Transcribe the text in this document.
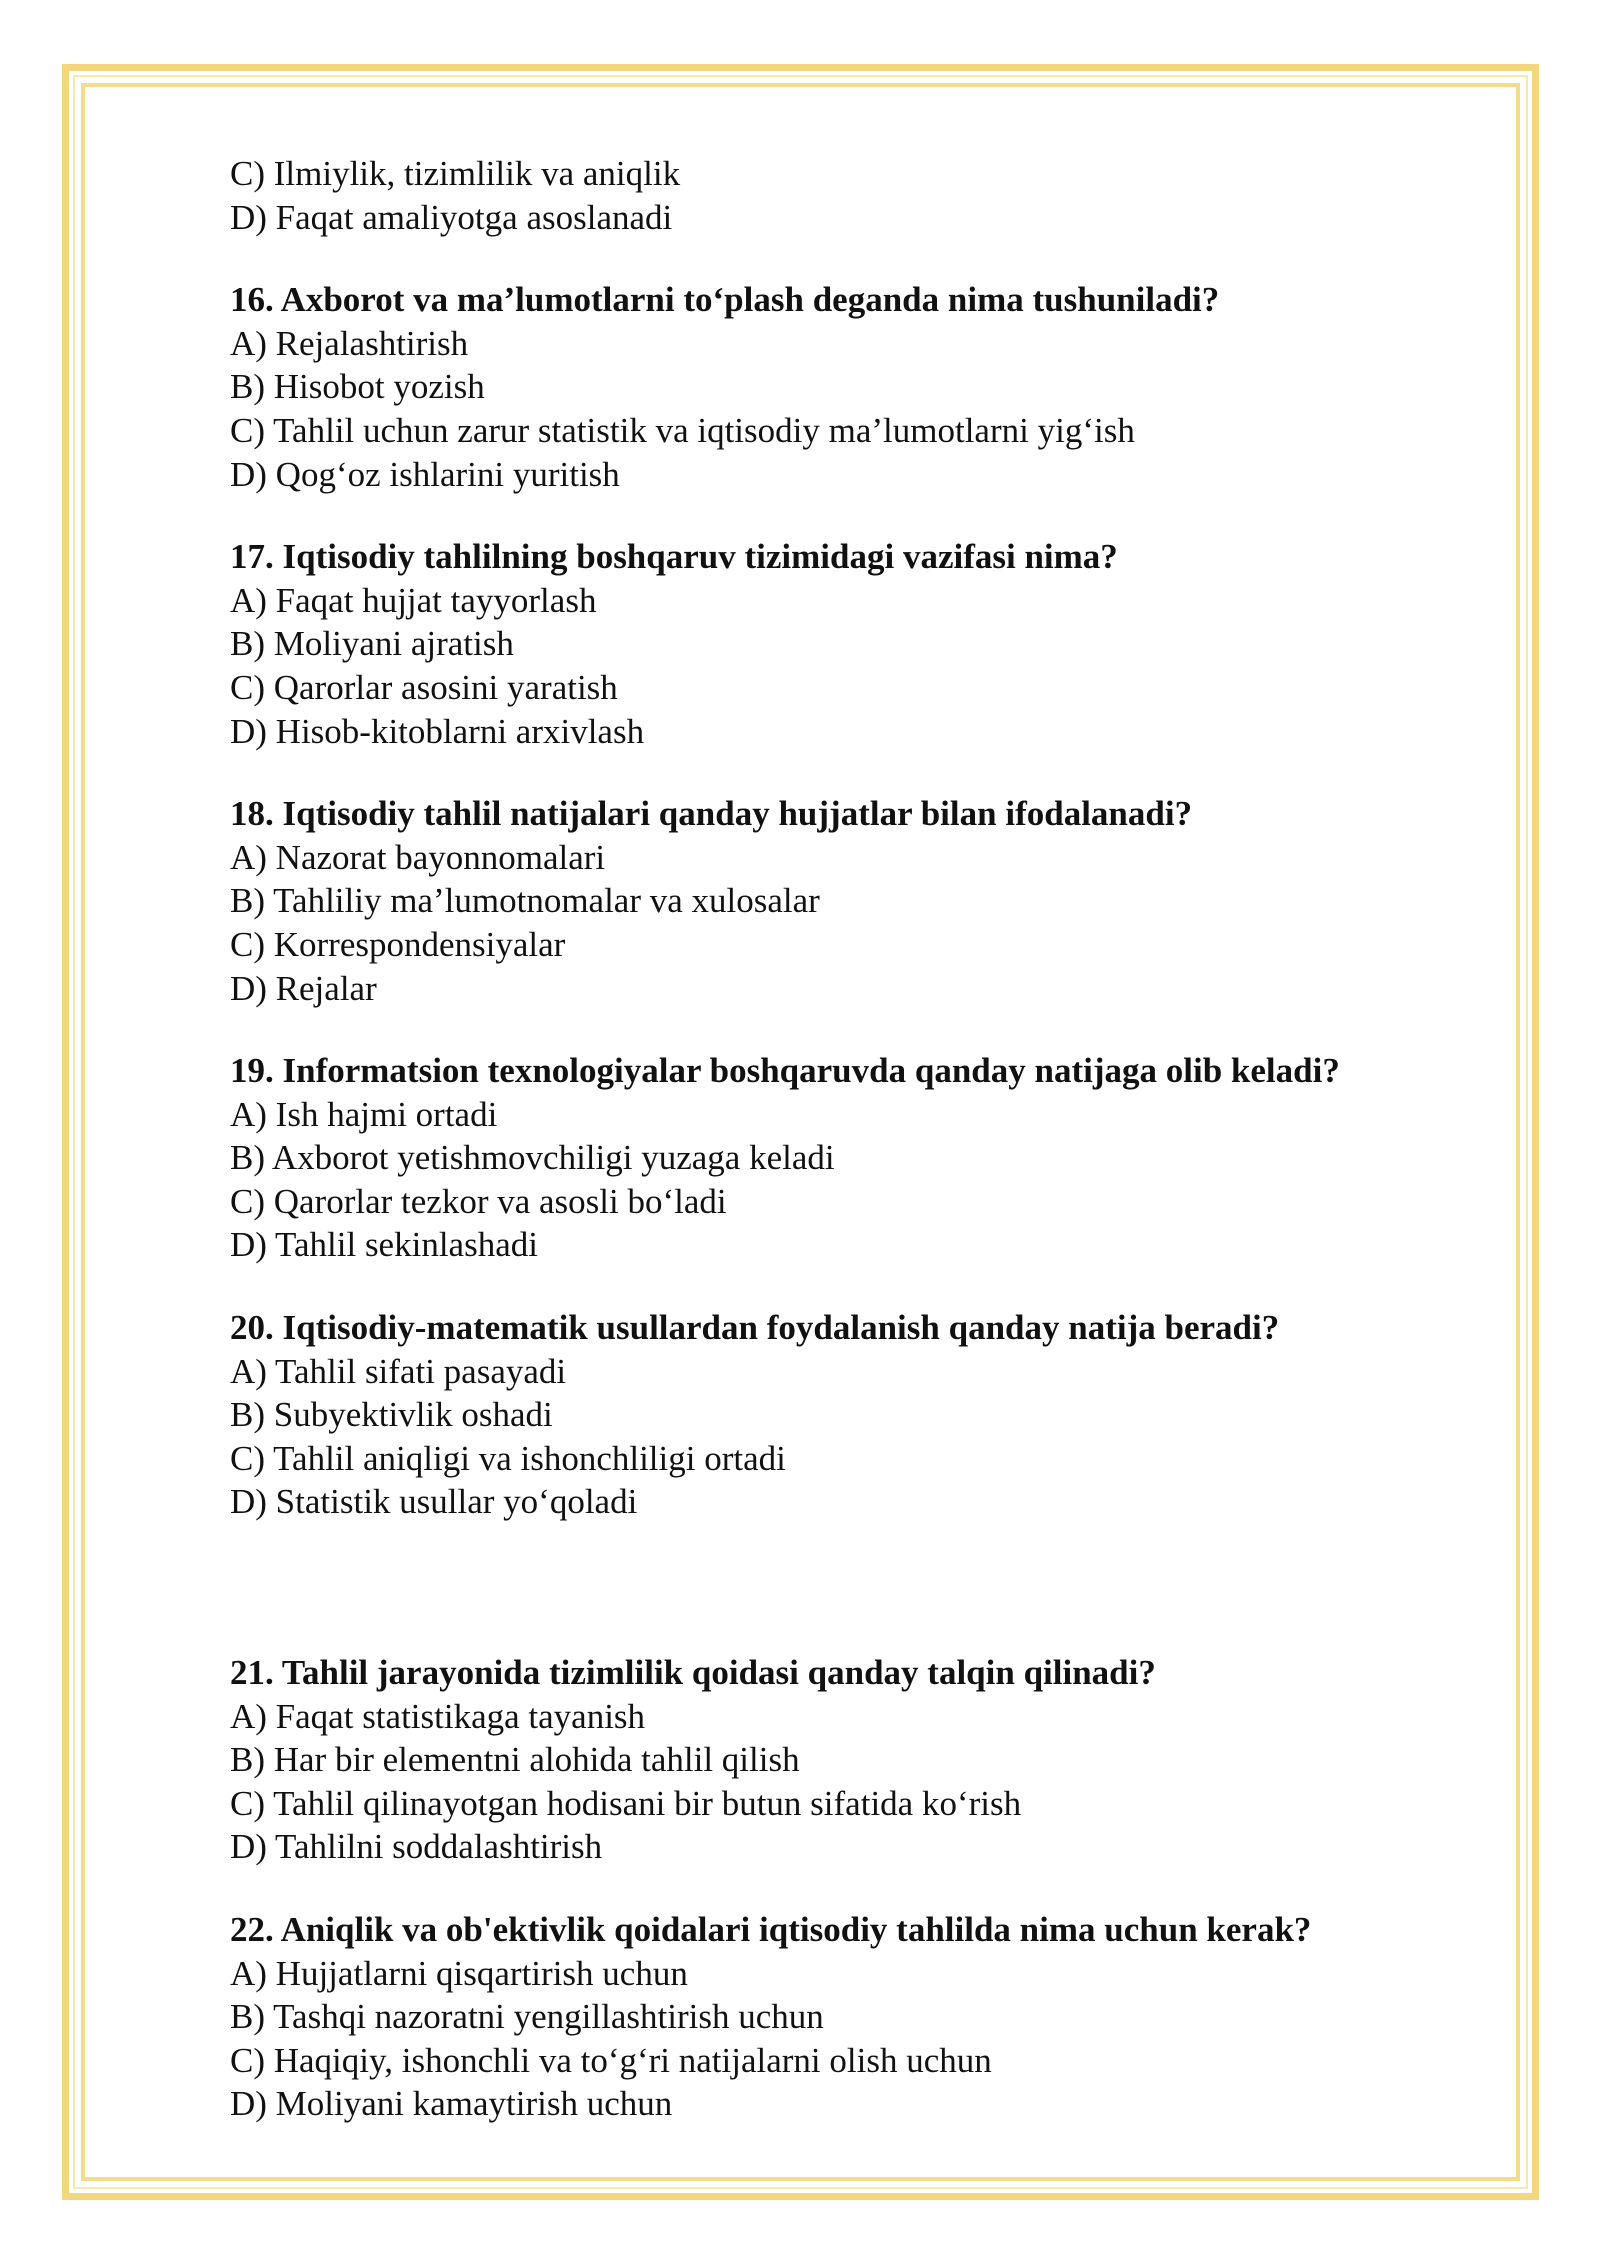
C) Ilmiylik, tizimlilik va aniqlik
D) Faqat amaliyotga asoslanadi
16. Axborot va ma’lumotlarni to‘plash deganda nima tushuniladi?
A) Rejalashtirish
B) Hisobot yozish
C) Tahlil uchun zarur statistik va iqtisodiy ma’lumotlarni yig‘ish
D) Qog‘oz ishlarini yuritish
17. Iqtisodiy tahlilning boshqaruv tizimidagi vazifasi nima?
A) Faqat hujjat tayyorlash
B) Moliyani ajratish
C) Qarorlar asosini yaratish
D) Hisob-kitoblarni arxivlash
18. Iqtisodiy tahlil natijalari qanday hujjatlar bilan ifodalanadi?
A) Nazorat bayonnomalari
B) Tahliliy ma’lumotnomalar va xulosalar
C) Korrespondensiyalar
D) Rejalar
19. Informatsion texnologiyalar boshqaruvda qanday natijaga olib keladi?
A) Ish hajmi ortadi
B) Axborot yetishmovchiligi yuzaga keladi
C) Qarorlar tezkor va asosli bo‘ladi
D) Tahlil sekinlashadi
20. Iqtisodiy-matematik usullardan foydalanish qanday natija beradi?
A) Tahlil sifati pasayadi
B) Subyektivlik oshadi
C) Tahlil aniqligi va ishonchliligi ortadi
D) Statistik usullar yo‘qoladi
21. Tahlil jarayonida tizimlilik qoidasi qanday talqin qilinadi?
A) Faqat statistikaga tayanish
B) Har bir elementni alohida tahlil qilish
C) Tahlil qilinayotgan hodisani bir butun sifatida ko‘rish
D) Tahlilni soddalashtirish
22. Aniqlik va ob'ektivlik qoidalari iqtisodiy tahlilda nima uchun kerak?
A) Hujjatlarni qisqartirish uchun
B) Tashqi nazoratni yengillashtirish uchun
C) Haqiqiy, ishonchli va to‘g‘ri natijalarni olish uchun
D) Moliyani kamaytirish uchun
